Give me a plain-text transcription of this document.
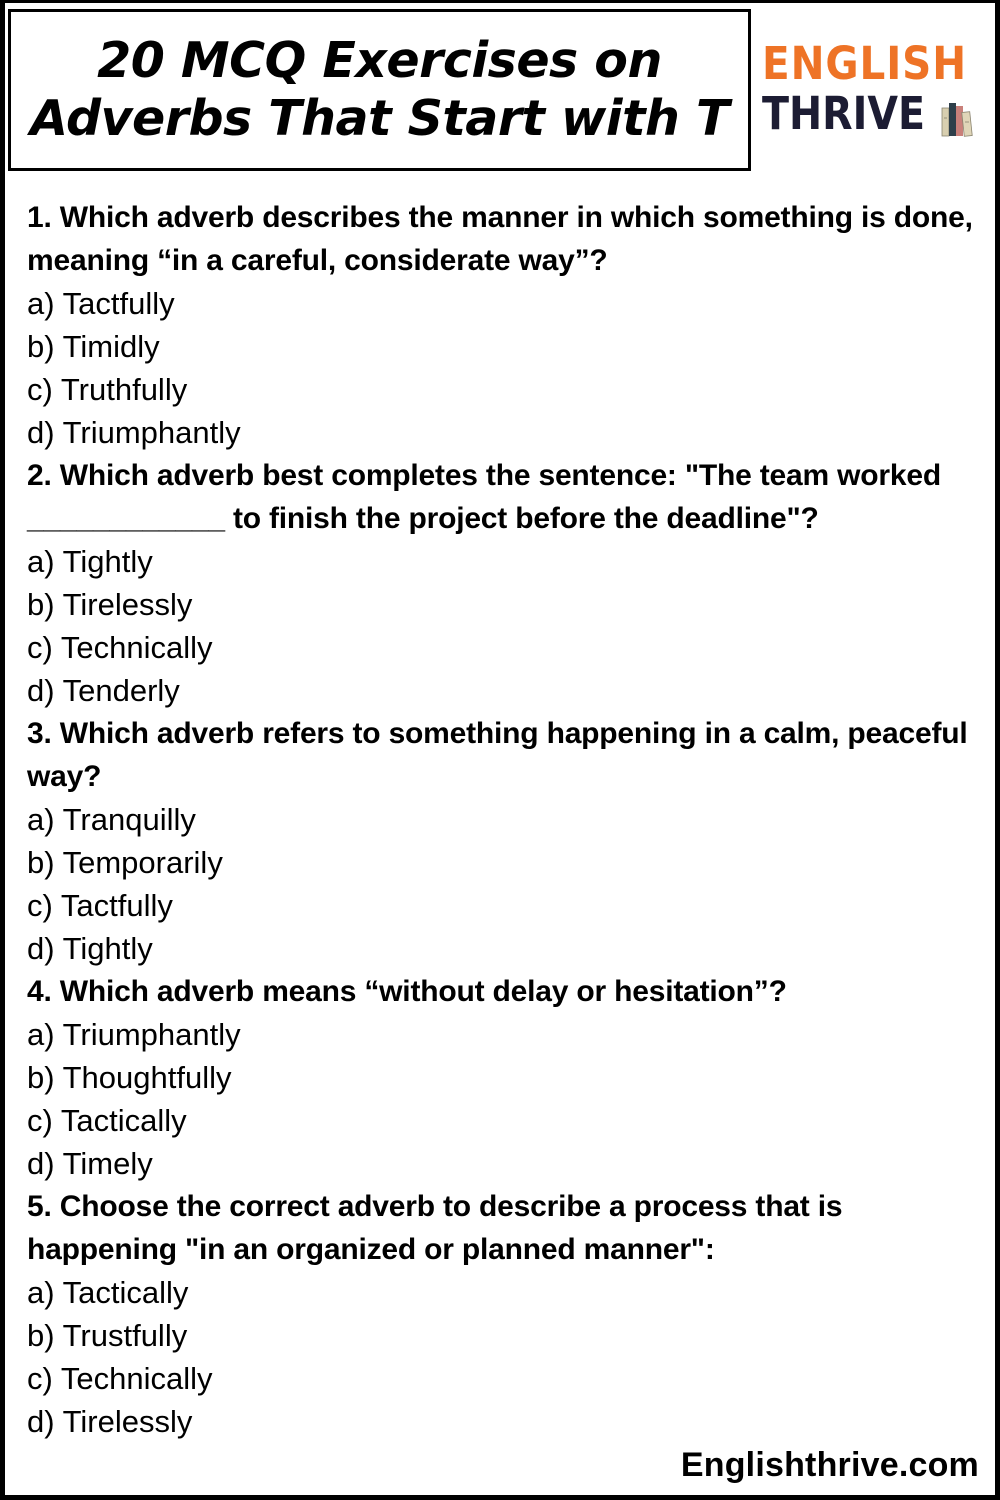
20 MCQ Exercises on
Adverbs That Start with T
ENGLISH
THRIVE

1. Which adverb describes the manner in which something is done, meaning “in a careful, considerate way”?

a) Tactfully

b) Timidly

c) Truthfully

d) Triumphantly

2. Which adverb best completes the sentence: "The team worked ____________ to finish the project before the deadline"?

a) Tightly

b) Tirelessly

c) Technically

d) Tenderly

3. Which adverb refers to something happening in a calm, peaceful way?

a) Tranquilly

b) Temporarily

c) Tactfully

d) Tightly

4. Which adverb means “without delay or hesitation”?

a) Triumphantly

b) Thoughtfully

c) Tactically

d) Timely

5. Choose the correct adverb to describe a process that is happening "in an organized or planned manner":

a) Tactically

b) Trustfully

c) Technically

d) Tirelessly

Englishthrive.com
